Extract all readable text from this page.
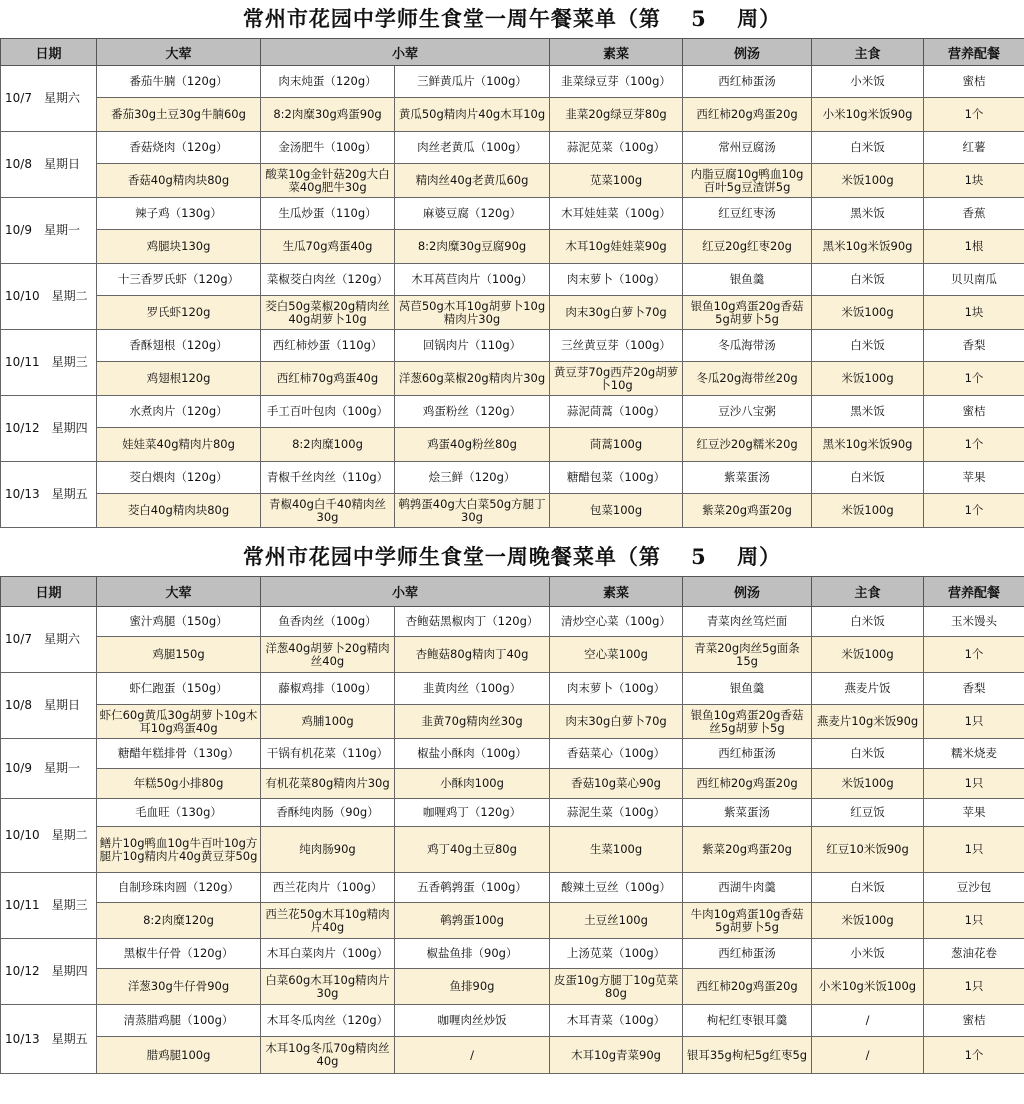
常州市花园中学师生食堂一周午餐菜单（第　 5　 周）
日期	大荤	小荤		素菜	例汤	主食	营养配餐
10/7　星期六	番茄牛腩（120g）	肉末炖蛋（120g）	三鲜黄瓜片（100g）	韭菜绿豆芽（100g）	西红柿蛋汤	小米饭	蜜桔
	番茄30g土豆30g牛腩60g	8:2肉糜30g鸡蛋90g	黄瓜50g精肉片40g木耳10g	韭菜20g绿豆芽80g	西红柿20g鸡蛋20g	小米10g米饭90g	1个
10/8　星期日	香菇烧肉（120g）	金汤肥牛（100g）	肉丝老黄瓜（100g）	蒜泥苋菜（100g）	常州豆腐汤	白米饭	红薯
	香菇40g精肉块80g	酸菜10g金针菇20g大白菜40g肥牛30g	精肉丝40g老黄瓜60g	苋菜100g	内脂豆腐10g鸭血10g百叶5g豆渣饼5g	米饭100g	1块
10/9　星期一	辣子鸡（130g）	生瓜炒蛋（110g）	麻婆豆腐（120g）	木耳娃娃菜（100g）	红豆红枣汤	黑米饭	香蕉
	鸡腿块130g	生瓜70g鸡蛋40g	8:2肉糜30g豆腐90g	木耳10g娃娃菜90g	红豆20g红枣20g	黑米10g米饭90g	1根
10/10　星期二	十三香罗氏虾（120g）	菜椒茭白肉丝（120g）	木耳莴苣肉片（100g）	肉末萝卜（100g）	银鱼羹	白米饭	贝贝南瓜
	罗氏虾120g	茭白50g菜椒20g精肉丝40g胡萝卜10g	莴苣50g木耳10g胡萝卜10g精肉片30g	肉末30g白萝卜70g	银鱼10g鸡蛋20g香菇5g胡萝卜5g	米饭100g	1块
10/11　星期三	香酥翅根（120g）	西红柿炒蛋（110g）	回锅肉片（110g）	三丝黄豆芽（100g）	冬瓜海带汤	白米饭	香梨
	鸡翅根120g	西红柿70g鸡蛋40g	洋葱60g菜椒20g精肉片30g	黄豆芽70g西芹20g胡萝卜10g	冬瓜20g海带丝20g	米饭100g	1个
10/12　星期四	水煮肉片（120g）	手工百叶包肉（100g）	鸡蛋粉丝（120g）	蒜泥茼蒿（100g）	豆沙八宝粥	黑米饭	蜜桔
	娃娃菜40g精肉片80g	8:2肉糜100g	鸡蛋40g粉丝80g	茼蒿100g	红豆沙20g糯米20g	黑米10g米饭90g	1个
10/13　星期五	茭白煨肉（120g）	青椒千丝肉丝（110g）	烩三鲜（120g）	糖醋包菜（100g）	紫菜蛋汤	白米饭	苹果
	茭白40g精肉块80g	青椒40g白千40精肉丝30g	鹌鹑蛋40g大白菜50g方腿丁30g	包菜100g	紫菜20g鸡蛋20g	米饭100g	1个
常州市花园中学师生食堂一周晚餐菜单（第　 5　 周）
日期	大荤	小荤		素菜	例汤	主食	营养配餐
10/7　星期六	蜜汁鸡腿（150g）	鱼香肉丝（100g）	杏鲍菇黑椒肉丁（120g）	清炒空心菜（100g）	青菜肉丝笃烂面	白米饭	玉米馒头
	鸡腿150g	洋葱40g胡萝卜20g精肉丝40g	杏鲍菇80g精肉丁40g	空心菜100g	青菜20g肉丝5g面条15g	米饭100g	1个
10/8　星期日	虾仁跑蛋（150g）	藤椒鸡排（100g）	韭黄肉丝（100g）	肉末萝卜（100g）	银鱼羹	燕麦片饭	香梨
	虾仁60g黄瓜30g胡萝卜10g木耳10g鸡蛋40g	鸡脯100g	韭黄70g精肉丝30g	肉末30g白萝卜70g	银鱼10g鸡蛋20g香菇丝5g胡萝卜5g	燕麦片10g米饭90g	1只
10/9　星期一	糖醋年糕排骨（130g）	干锅有机花菜（110g）	椒盐小酥肉（100g）	香菇菜心（100g）	西红柿蛋汤	白米饭	糯米烧麦
	年糕50g小排80g	有机花菜80g精肉片30g	小酥肉100g	香菇10g菜心90g	西红柿20g鸡蛋20g	米饭100g	1只
10/10　星期二	毛血旺（130g）	香酥纯肉肠（90g）	咖喱鸡丁（120g）	蒜泥生菜（100g）	紫菜蛋汤	红豆饭	苹果
	鳝片10g鸭血10g牛百叶10g方腿片10g精肉片40g黄豆芽50g	纯肉肠90g	鸡丁40g土豆80g	生菜100g	紫菜20g鸡蛋20g	红豆10米饭90g	1只
10/11　星期三	自制珍珠肉圆（120g）	西兰花肉片（100g）	五香鹌鹑蛋（100g）	酸辣土豆丝（100g）	西湖牛肉羹	白米饭	豆沙包
	8:2肉糜120g	西兰花50g木耳10g精肉片40g	鹌鹑蛋100g	土豆丝100g	牛肉10g鸡蛋10g香菇5g胡萝卜5g	米饭100g	1只
10/12　星期四	黑椒牛仔骨（120g）	木耳白菜肉片（100g）	椒盐鱼排（90g）	上汤苋菜（100g）	西红柿蛋汤	小米饭	葱油花卷
	洋葱30g牛仔骨90g	白菜60g木耳10g精肉片30g	鱼排90g	皮蛋10g方腿丁10g苋菜80g	西红柿20g鸡蛋20g	小米10g米饭100g	1只
10/13　星期五	清蒸腊鸡腿（100g）	木耳冬瓜肉丝（120g）	咖喱肉丝炒饭	木耳青菜（100g）	枸杞红枣银耳羹	/	蜜桔
	腊鸡腿100g	木耳10g冬瓜70g精肉丝40g	/	木耳10g青菜90g	银耳35g枸杞5g红枣5g	/	1个
